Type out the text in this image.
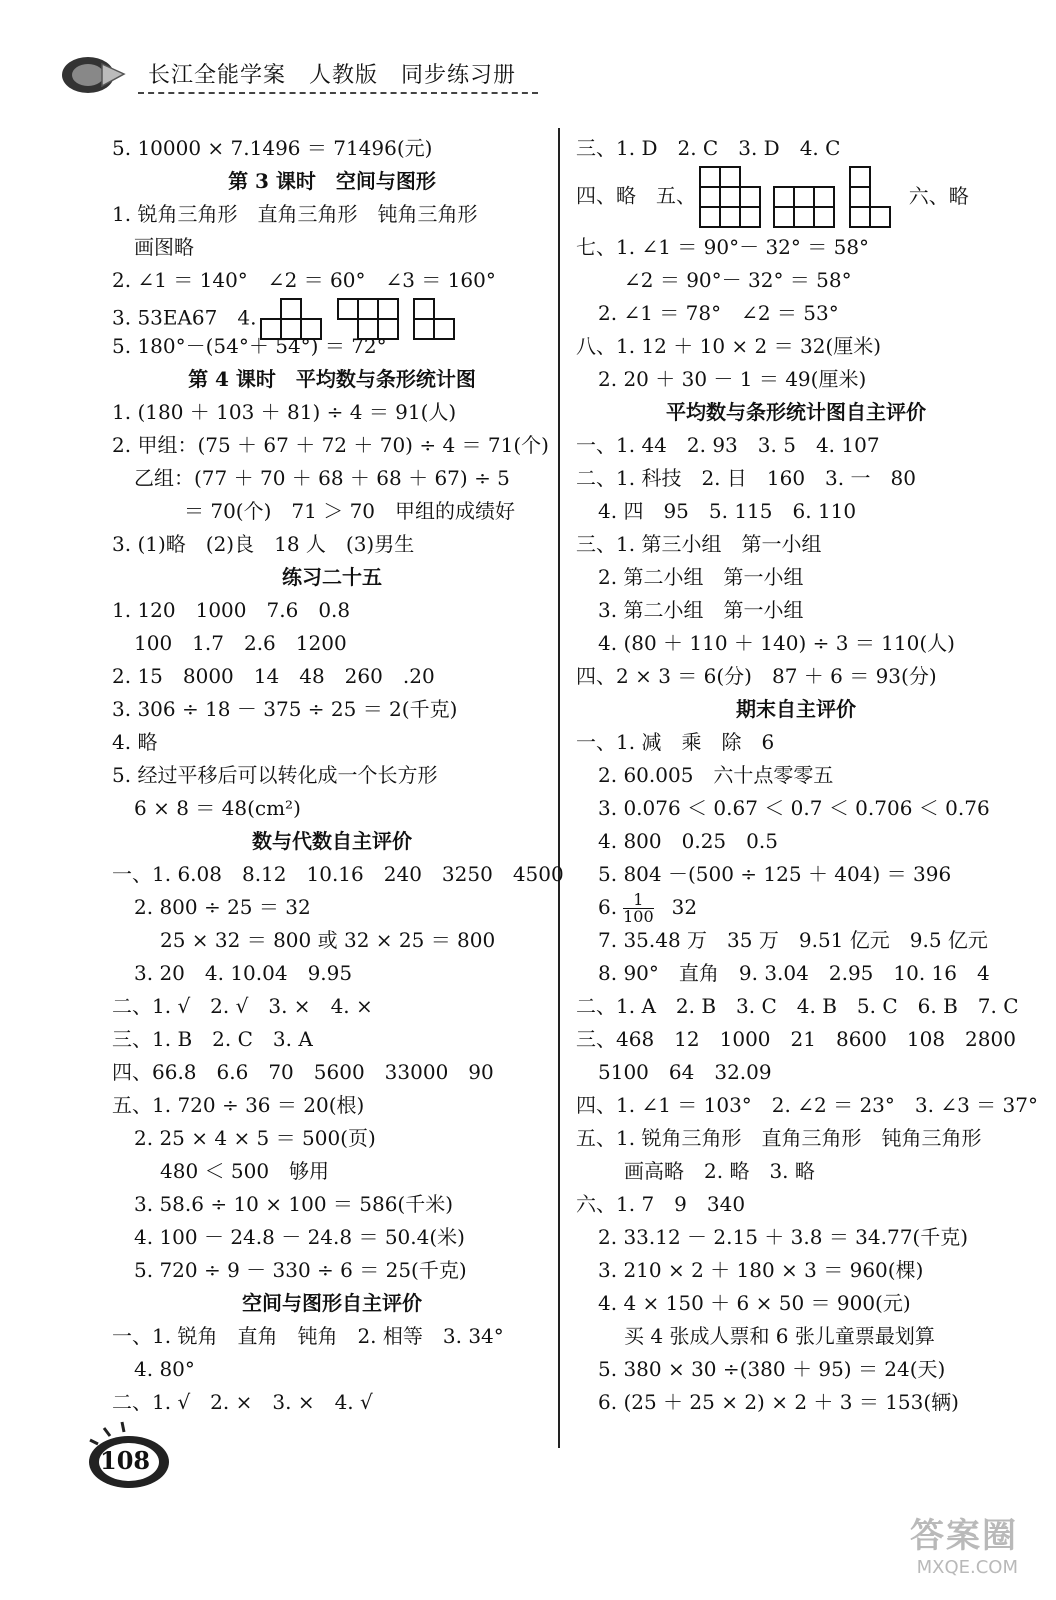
长江全能学案　人教版　同步练习册
5. 10000 × 7.1496 ＝ 71496(元)
第 3 课时　空间与图形
1. 锐角三角形　直角三角形　钝角三角形
画图略
2. ∠1 ＝ 140°　∠2 ＝ 60°　∠3 ＝ 160°
3. 53EA67　4.
5. 180°－(54°＋ 54°) ＝ 72°
第 4 课时　平均数与条形统计图
1. (180 ＋ 103 ＋ 81) ÷ 4 ＝ 91(人)
2. 甲组：(75 ＋ 67 ＋ 72 ＋ 70) ÷ 4 ＝ 71(个)
乙组：(77 ＋ 70 ＋ 68 ＋ 68 ＋ 67) ÷ 5
＝ 70(个)　71 ＞ 70　甲组的成绩好
3. (1)略　(2)良　18 人　(3)男生
练习二十五
1. 120　1000　7.6　0.8
100　1.7　2.6　1200
2. 15　8000　14　48　260　.20
3. 306 ÷ 18 － 375 ÷ 25 ＝ 2(千克)
4. 略
5. 经过平移后可以转化成一个长方形
6 × 8 ＝ 48(cm²)
数与代数自主评价
一、1. 6.08　8.12　10.16　240　3250　4500
2. 800 ÷ 25 ＝ 32
25 × 32 ＝ 800 或 32 × 25 ＝ 800
3. 20　4. 10.04　9.95
二、1. √　2. √　3. ×　4. ×
三、1. B　2. C　3. A
四、66.8　6.6　70　5600　33000　90
五、1. 720 ÷ 36 ＝ 20(根)
2. 25 × 4 × 5 ＝ 500(页)
480 ＜ 500　够用
3. 58.6 ÷ 10 × 100 ＝ 586(千米)
4. 100 － 24.8 － 24.8 ＝ 50.4(米)
5. 720 ÷ 9 － 330 ÷ 6 ＝ 25(千克)
空间与图形自主评价
一、1. 锐角　直角　钝角　2. 相等　3. 34°
4. 80°
二、1. √　2. ×　3. ×　4. √
三、1. D　2. C　3. D　4. C
四、略　五、	六、略
七、1. ∠1 ＝ 90°－ 32° ＝ 58°
∠2 ＝ 90°－ 32° ＝ 58°
2. ∠1 ＝ 78°　∠2 ＝ 53°
八、1. 12 ＋ 10 × 2 ＝ 32(厘米)
2. 20 ＋ 30 － 1 ＝ 49(厘米)
平均数与条形统计图自主评价
一、1. 44　2. 93　3. 5　4. 107
二、1. 科技　2. 日　160　3. 一　80
4. 四　95　5. 115　6. 110
三、1. 第三小组　第一小组
2. 第二小组　第一小组
3. 第二小组　第一小组
4. (80 ＋ 110 ＋ 140) ÷ 3 ＝ 110(人)
四、2 × 3 ＝ 6(分)　87 ＋ 6 ＝ 93(分)
期末自主评价
一、1. 减　乘　除　6
2. 60.005　六十点零零五
3. 0.076 ＜ 0.67 ＜ 0.7 ＜ 0.706 ＜ 0.76
4. 800　0.25　0.5
5. 804 －(500 ÷ 125 ＋ 404) ＝ 396
6. $\frac{1}{100} 32$
7. 35.48 万　35 万　9.51 亿元　9.5 亿元
8. 90°　直角　9. 3.04　2.95　10. 16　4
二、1. A　2. B　3. C　4. B　5. C　6. B　7. C
三、468　12　1000　21　8600　108　2800
5100　64　32.09
四、1. ∠1 ＝ 103°　2. ∠2 ＝ 23°　3. ∠3 ＝ 37°
五、1. 锐角三角形　直角三角形　钝角三角形
画高略　2. 略　3. 略
六、1. 7　9　340
2. 33.12 － 2.15 ＋ 3.8 ＝ 34.77(千克)
3. 210 × 2 ＋ 180 × 3 ＝ 960(棵)
4. 4 × 150 ＋ 6 × 50 ＝ 900(元)
买 4 张成人票和 6 张儿童票最划算
5. 380 × 30 ÷(380 ＋ 95) ＝ 24(天)
6. (25 ＋ 25 × 2) × 2 ＋ 3 ＝ 153(辆)
108
答案圈
MXQE.COM
